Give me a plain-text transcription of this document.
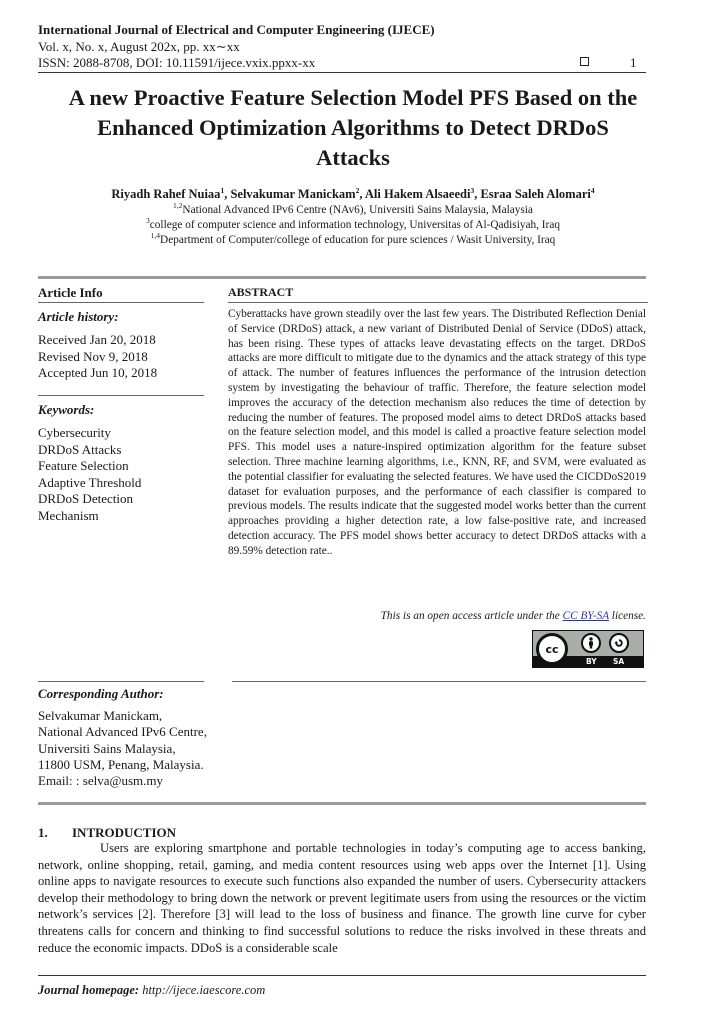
International Journal of Electrical and Computer Engineering (IJECE)
Vol. x, No. x, August 202x, pp. xx∼xx
ISSN: 2088-8708, DOI: 10.11591/ijece.vxix.ppxx-xx	1
A new Proactive Feature Selection Model PFS Based on the
Enhanced Optimization Algorithms to Detect DRDoS
Attacks
Riyadh Rahef Nuiaa$^1$, Selvakumar Manickam$^2$, Ali Hakem Alsaeedi$^3$, Esraa Saleh Alomari$^4$
$^{1,2}$National Advanced IPv6 Centre (NAv6), Universiti Sains Malaysia, Malaysia
$^3$college of computer science and information technology, Universitas of Al-Qadisiyah, Iraq
$^{1,4}$Department of Computer/college of education for pure sciences / Wasit University, Iraq
Article Info
Article history:
Received Jan 20, 2018
Revised Nov 9, 2018
Accepted Jun 10, 2018
Keywords:
Cybersecurity
DRDoS Attacks
Feature Selection
Adaptive Threshold
DRDoS Detection
Mechanism
ABSTRACT
Cyberattacks have grown steadily over the last few years. The Distributed Reflection Denial of Service (DRDoS) attack, a new variant of Distributed Denial of Service (DDoS) attack, has been rising. These types of attacks leave devastating effects on the target. DRDoS attacks are more difficult to mitigate due to the dynamics and the attack strategy of this type of attack. The number of features influences the performance of the intrusion detection system by investigating the behaviour of traffic. Therefore, the feature selection model improves the accuracy of the detection mechanism also reduces the time of detection by reducing the number of features. The proposed model aims to detect DRDoS attacks based on the feature selection model, and this model is called a proactive feature selection model PFS. This model uses a nature-inspired optimization algorithm for the feature subset selection. Three machine learning algorithms, i.e., KNN, RF, and SVM, were evaluated as the potential classifier for evaluating the selected features. We have used the CICDDoS2019 dataset for evaluation purposes, and the performance of each classifier is compared to previous models. The results indicate that the suggested model works better than the current approaches providing a higher detection rate, a low false-positive rate, and increased detection accuracy. The PFS model shows better accuracy to detect DRDoS attacks with a 89.59% detection rate..
This is an open access article under the CC BY-SA license.
cc
BY SA
Corresponding Author:
Selvakumar Manickam,
National Advanced IPv6 Centre,
Universiti Sains Malaysia,
11800 USM, Penang, Malaysia.
Email: : selva@usm.my
1. INTRODUCTION
Users are exploring smartphone and portable technologies in today’s computing age to access banking, network, online shopping, retail, gaming, and media content resources using web apps over the Internet [1]. Using online apps to navigate resources to execute such functions also expanded the number of users. Cybersecurity attackers develop their methodology to bring down the network or prevent legitimate users from using the resources or the victim network’s services [2]. Therefore [3] will lead to the loss of business and finance. The growth line curve for cyber threatens calls for concern and thinking to find successful solutions to reduce the risks involved in these threats and reduce the economic impacts. DDoS is a considerable scale
Journal homepage: http://ijece.iaescore.com
